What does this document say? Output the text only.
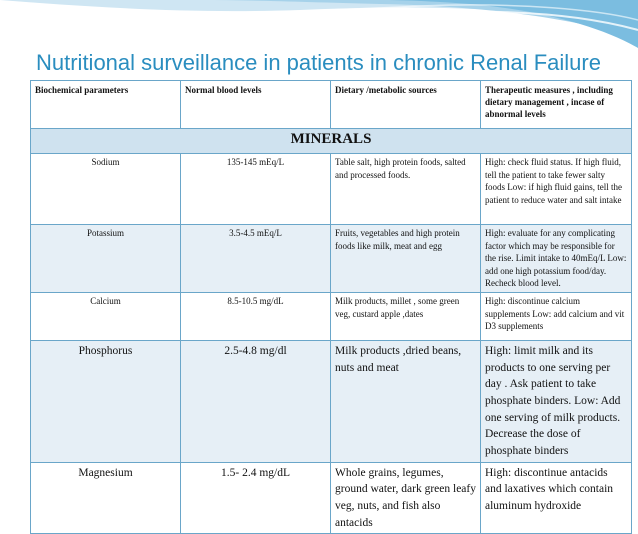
Nutritional surveillance in patients in chronic Renal Failure
Biochemical parameters	Normal blood levels	Dietary /metabolic sources	Therapeutic measures , including dietary management , incase of abnormal levels
MINERALS			
Sodium	135-145 mEq/L	Table salt, high protein foods, salted and processed foods.	High: check fluid status. If high fluid, tell the patient to take fewer salty foods Low: if high fluid gains, tell the patient to reduce water and salt intake
Potassium	3.5-4.5 mEq/L	Fruits, vegetables and high protein foods like milk, meat and egg	High: evaluate for any complicating factor which may be responsible for the rise. Limit intake to 40mEq/L Low: add one high potassium food/day. Recheck blood level.
Calcium	8.5-10.5 mg/dL	Milk products, millet , some green veg, custard apple ,dates	High: discontinue calcium supplements Low: add calcium and vit D3 supplements
Phosphorus	2.5-4.8 mg/dl	Milk products ,dried beans, nuts and meat	High: limit milk and its products to one serving per day . Ask patient to take phosphate binders. Low: Add one serving of milk products. Decrease the dose of phosphate binders
Magnesium	1.5- 2.4 mg/dL	Whole grains, legumes, ground water, dark green leafy veg, nuts, and fish also antacids	High: discontinue antacids and laxatives which contain aluminum hydroxide
